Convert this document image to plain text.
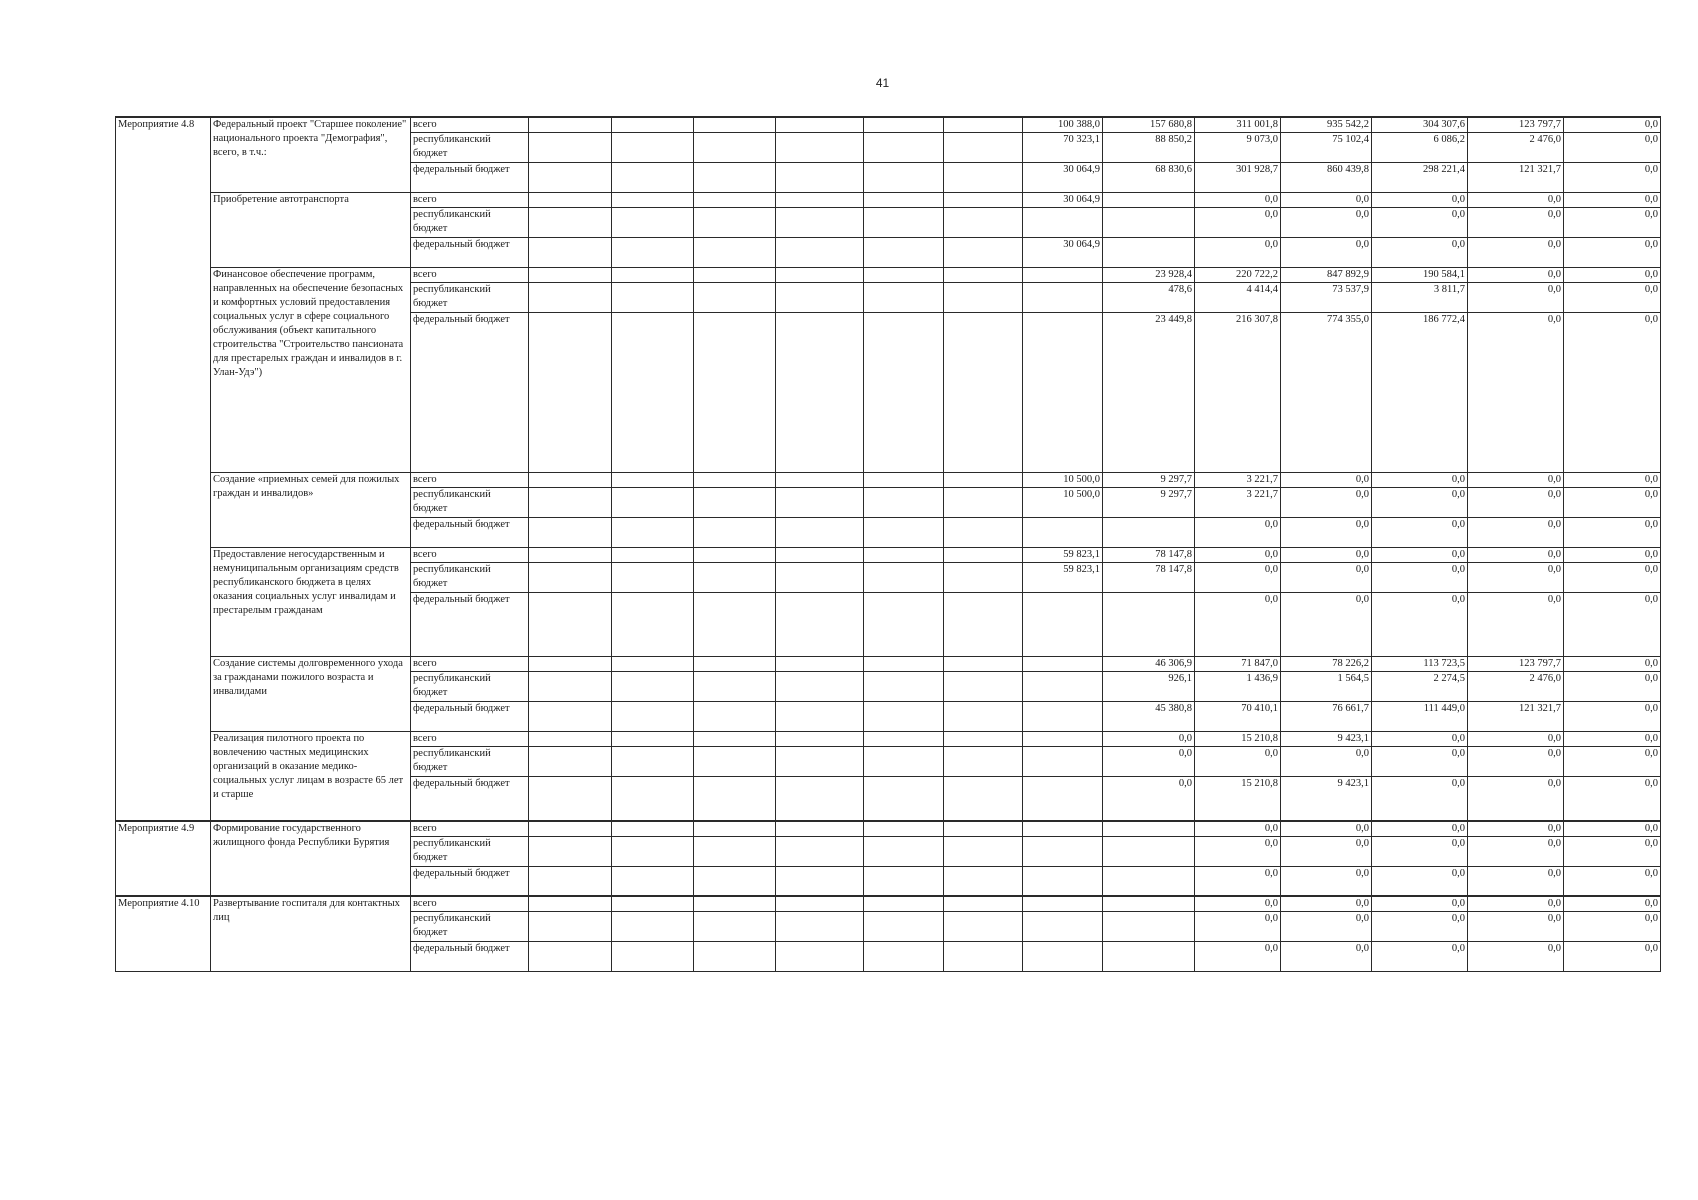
41
Мероприятие 4.8	Федеральный проект "Старшее поколение" национального проекта "Демография", всего, в т.ч.:	всего							100 388,0	157 680,8	311 001,8	935 542,2	304 307,6	123 797,7	0,0
		республиканский бюджет							70 323,1	88 850,2	9 073,0	75 102,4	6 086,2	2 476,0	0,0
		федеральный бюджет							30 064,9	68 830,6	301 928,7	860 439,8	298 221,4	121 321,7	0,0
	Приобретение автотранспорта	всего							30 064,9		0,0	0,0	0,0	0,0	0,0
		республиканский бюджет									0,0	0,0	0,0	0,0	0,0
		федеральный бюджет							30 064,9		0,0	0,0	0,0	0,0	0,0
	Финансовое обеспечение программ, направленных на обеспечение безопасных и комфортных условий предоставления социальных услуг в сфере социального обслуживания (объект капитального строительства "Строительство пансионата для престарелых граждан и инвалидов в г. Улан-Удэ")	всего								23 928,4	220 722,2	847 892,9	190 584,1	0,0	0,0
		республиканский бюджет								478,6	4 414,4	73 537,9	3 811,7	0,0	0,0
		федеральный бюджет								23 449,8	216 307,8	774 355,0	186 772,4	0,0	0,0
	Создание «приемных семей для пожилых граждан и инвалидов»	всего							10 500,0	9 297,7	3 221,7	0,0	0,0	0,0	0,0
		республиканский бюджет							10 500,0	9 297,7	3 221,7	0,0	0,0	0,0	0,0
		федеральный бюджет									0,0	0,0	0,0	0,0	0,0
	Предоставление негосударственным и немуниципальным организациям средств республиканского бюджета в целях оказания социальных услуг инвалидам и престарелым гражданам	всего							59 823,1	78 147,8	0,0	0,0	0,0	0,0	0,0
		республиканский бюджет							59 823,1	78 147,8	0,0	0,0	0,0	0,0	0,0
		федеральный бюджет									0,0	0,0	0,0	0,0	0,0
	Создание системы долговременного ухода за гражданами пожилого возраста и инвалидами	всего								46 306,9	71 847,0	78 226,2	113 723,5	123 797,7	0,0
		республиканский бюджет								926,1	1 436,9	1 564,5	2 274,5	2 476,0	0,0
		федеральный бюджет								45 380,8	70 410,1	76 661,7	111 449,0	121 321,7	0,0
	Реализация пилотного проекта по вовлечению частных медицинских организаций в оказание медико-социальных услуг лицам в возрасте 65 лет и старше	всего								0,0	15 210,8	9 423,1	0,0	0,0	0,0
		республиканский бюджет								0,0	0,0	0,0	0,0	0,0	0,0
		федеральный бюджет								0,0	15 210,8	9 423,1	0,0	0,0	0,0
Мероприятие 4.9	Формирование государственного жилищного фонда Республики Бурятия	всего									0,0	0,0	0,0	0,0	0,0
		республиканский бюджет									0,0	0,0	0,0	0,0	0,0
		федеральный бюджет									0,0	0,0	0,0	0,0	0,0
Мероприятие 4.10	Развертывание госпиталя для контактных лиц	всего									0,0	0,0	0,0	0,0	0,0
		республиканский бюджет									0,0	0,0	0,0	0,0	0,0
		федеральный бюджет									0,0	0,0	0,0	0,0	0,0
